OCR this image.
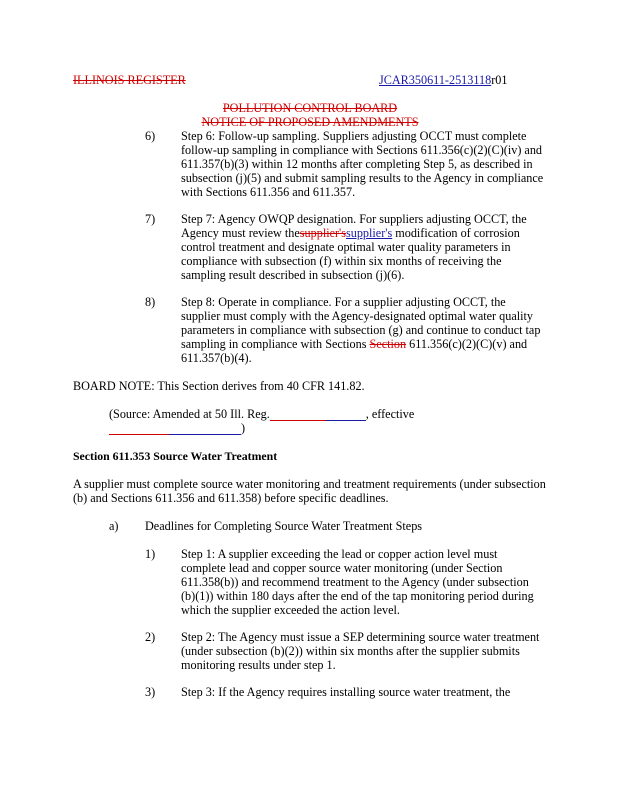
ILLINOIS REGISTER	JCAR350611-2513118r01
POLLUTION CONTROL BOARD
NOTICE OF PROPOSED AMENDMENTS
6) Step 6: Follow-up sampling. Suppliers adjusting OCCT must complete
follow-up sampling in compliance with Sections 611.356(c)(2)(C)(iv) and
611.357(b)(3) within 12 months after completing Step 5, as described in
subsection (j)(5) and submit sampling results to the Agency in compliance
with Sections 611.356 and 611.357.
7) Step 7: Agency OWQP designation. For suppliers adjusting OCCT, the
Agency must review thesupplier'ssupplier's modification of corrosion
control treatment and designate optimal water quality parameters in
compliance with subsection (f) within six months of receiving the
sampling result described in subsection (j)(6).
8) Step 8: Operate in compliance. For a supplier adjusting OCCT, the
supplier must comply with the Agency-designated optimal water quality
parameters in compliance with subsection (g) and continue to conduct tap
sampling in compliance with Sections Section 611.356(c)(2)(C)(v) and
611.357(b)(4).
BOARD NOTE: This Section derives from 40 CFR 141.82.
(Source: Amended at 50 Ill. Reg.	, effective
)
Section 611.353 Source Water Treatment
A supplier must complete source water monitoring and treatment requirements (under subsection
(b) and Sections 611.356 and 611.358) before specific deadlines.
a) Deadlines for Completing Source Water Treatment Steps
1) Step 1: A supplier exceeding the lead or copper action level must
complete lead and copper source water monitoring (under Section
611.358(b)) and recommend treatment to the Agency (under subsection
(b)(1)) within 180 days after the end of the tap monitoring period during
which the supplier exceeded the action level.
2) Step 2: The Agency must issue a SEP determining source water treatment
(under subsection (b)(2)) within six months after the supplier submits
monitoring results under step 1.
3) Step 3: If the Agency requires installing source water treatment, the
